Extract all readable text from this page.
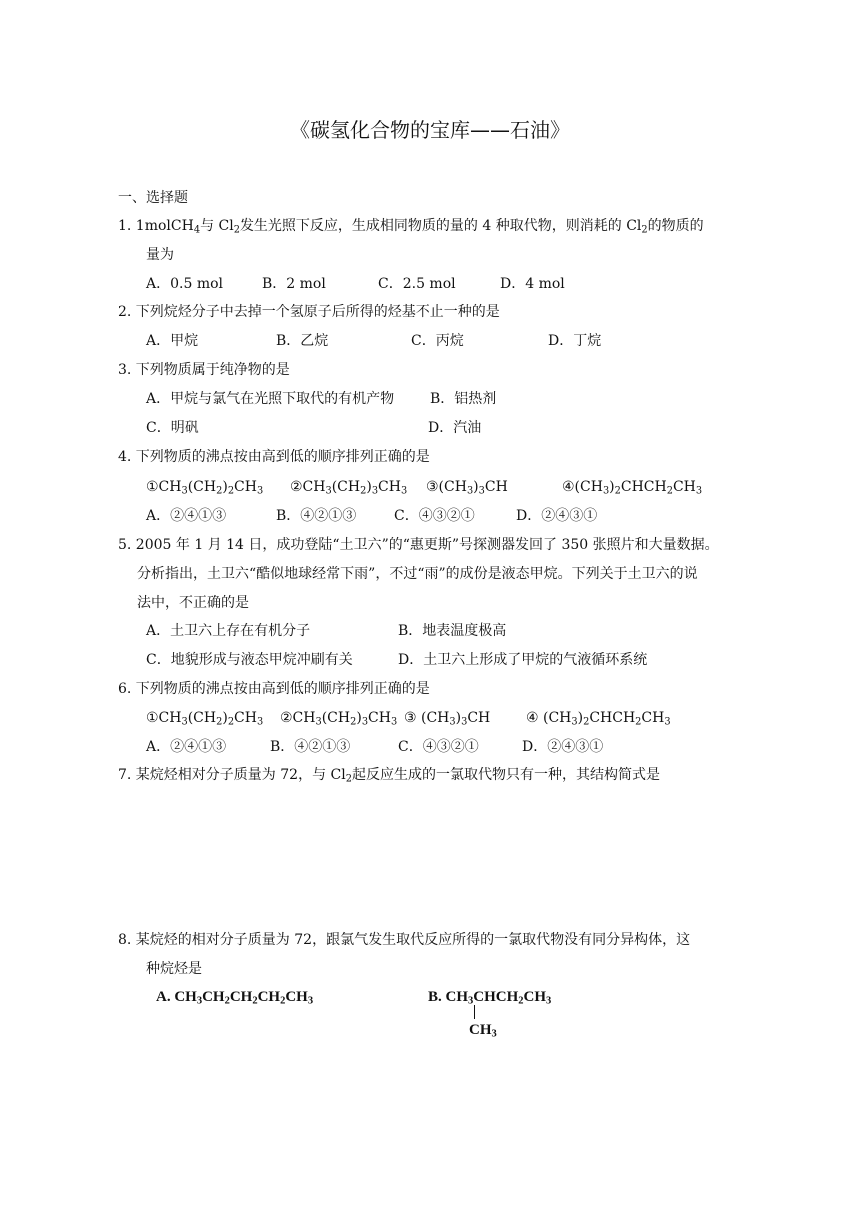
《碳氢化合物的宝库——石油》
一、选择题
1. 1molCH$_4$与 $Cl_2$发生光照下反应，生成相同物质的量的 4 种取代物，则消耗的 $Cl_2$的物质的
量为
A．0.5 mol	B．2 mol	C．2.5 mol	D．4 mol
2. 下列烷烃分子中去掉一个氢原子后所得的烃基不止一种的是
A．甲烷	B．乙烷	C．丙烷	D．丁烷
3. 下列物质属于纯净物的是
A．甲烷与氯气在光照下取代的有机产物	B．铝热剂
C．明矾	D．汽油
4. 下列物质的沸点按由高到低的顺序排列正确的是
$①CH_3(CH_2)_2CH_3$ $②CH_3(CH_2)_3CH_3$ $③(CH_3)_3CH$	$④(CH_3)_2CHCH_2CH_3$
A．②④①③	B．④②①③	C．④③②①	D．②④③①
5. 2005 年 1 月 14 日，成功登陆“土卫六”的“惠更斯”号探测器发回了 350 张照片和大量数据。
分析指出，土卫六“酷似地球经常下雨”，不过“雨”的成份是液态甲烷。下列关于土卫六的说
法中，不正确的是
A．土卫六上存在有机分子	B．地表温度极高
C．地貌形成与液态甲烷冲刷有关	D．土卫六上形成了甲烷的气液循环系统
6. 下列物质的沸点按由高到低的顺序排列正确的是
$①CH_3(CH_2)_2CH_3$ $②CH_3(CH_2)_3CH_3$ ③ $(CH_3)_3CH$	④ $(CH_3)_2CHCH_2CH_3$
A．②④①③	B．④②①③	C．④③②①	D．②④③①
7. 某烷烃相对分子质量为 72，与 $Cl_2$起反应生成的一氯取代物只有一种，其结构简式是
8. 某烷烃的相对分子质量为 72，跟氯气发生取代反应所得的一氯取代物没有同分异构体，这
种烷烃是
A. $CH_3CH_2CH_2CH_2CH_3$	B. $CH_3CHCH_2CH_3$
$CH_3$
